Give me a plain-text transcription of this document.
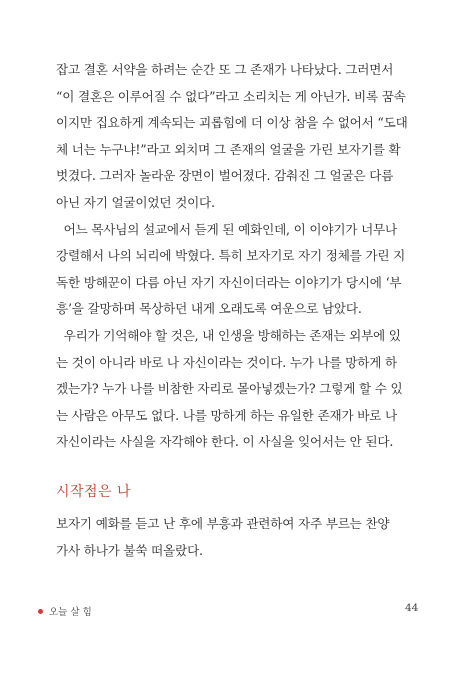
잡고 결혼 서약을 하려는 순간 또 그 존재가 나타났다. 그러면서
“이 결혼은 이루어질 수 없다”라고 소리치는 게 아닌가. 비록 꿈속
이지만 집요하게 계속되는 괴롭힘에 더 이상 참을 수 없어서 “도대
체 너는 누구냐!”라고 외치며 그 존재의 얼굴을 가린 보자기를 확
벗겼다. 그러자 놀라운 장면이 벌어졌다. 감춰진 그 얼굴은 다름
아닌 자기 얼굴이었던 것이다.
어느 목사님의 설교에서 듣게 된 예화인데, 이 이야기가 너무나
강렬해서 나의 뇌리에 박혔다. 특히 보자기로 자기 정체를 가린 지
독한 방해꾼이 다름 아닌 자기 자신이더라는 이야기가 당시에 ‘부
흥’을 갈망하며 목상하던 내게 오래도록 여운으로 남았다.
우리가 기억해야 할 것은, 내 인생을 방해하는 존재는 외부에 있
는 것이 아니라 바로 나 자신이라는 것이다. 누가 나를 망하게 하
겠는가? 누가 나를 비참한 자리로 몰아넣겠는가? 그렇게 할 수 있
는 사람은 아무도 없다. 나를 망하게 하는 유일한 존재가 바로 나
자신이라는 사실을 자각해야 한다. 이 사실을 잊어서는 안 된다.
시작점은 나
보자기 예화를 듣고 난 후에 부흥과 관련하여 자주 부르는 찬양
가사 하나가 불쑥 떠올랐다.
오늘 살 힘	44
